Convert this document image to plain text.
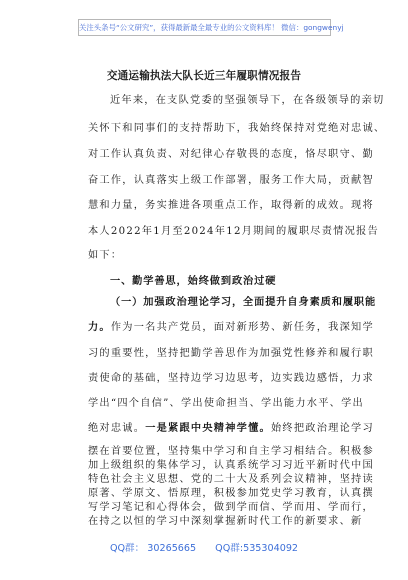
关注头条号“公文研究”，获得最新最全最专业的公文资料库！ 微信：gongwenyj
交通运输执法大队长近三年履职情况报告
近年来，在支队党委的坚强领导下，在各级领导的亲切
关怀下和同事们的支持帮助下，我始终保持对党绝对忠诚、
对工作认真负责、对纪律心存敬畏的态度，恪尽职守、勤
奋工作，认真落实上级工作部署，服务工作大局，贡献智
慧和力量，务实推进各项重点工作，取得新的成效。现将
本人2022年1月至2024年12月期间的履职尽责情况报告
如下：
一、勤学善思，始终做到政治过硬
（一）加强政治理论学习，全面提升自身素质和履职能
力。作为一名共产党员，面对新形势、新任务，我深知学
习的重要性，坚持把勤学善思作为加强党性修养和履行职
责使命的基础，坚持边学习边思考，边实践边感悟，力求
学出“四个自信”、学出使命担当、学出能力水平、学出
绝对忠诚。一是紧跟中央精神学懂。始终把政治理论学习
摆在首要位置，坚持集中学习和自主学习相结合。积极参
加上级组织的集体学习，认真系统学习习近平新时代中国
特色社会主义思想、党的二十大及系列会议精神，坚持读
原著、学原文、悟原理，积极参加党史学习教育，认真撰
写学习笔记和心得体会，做到学而信、学而用、学而行，
在持之以恒的学习中深刻掌握新时代工作的新要求、新
QQ群： 30265665 QQ群:535304092
